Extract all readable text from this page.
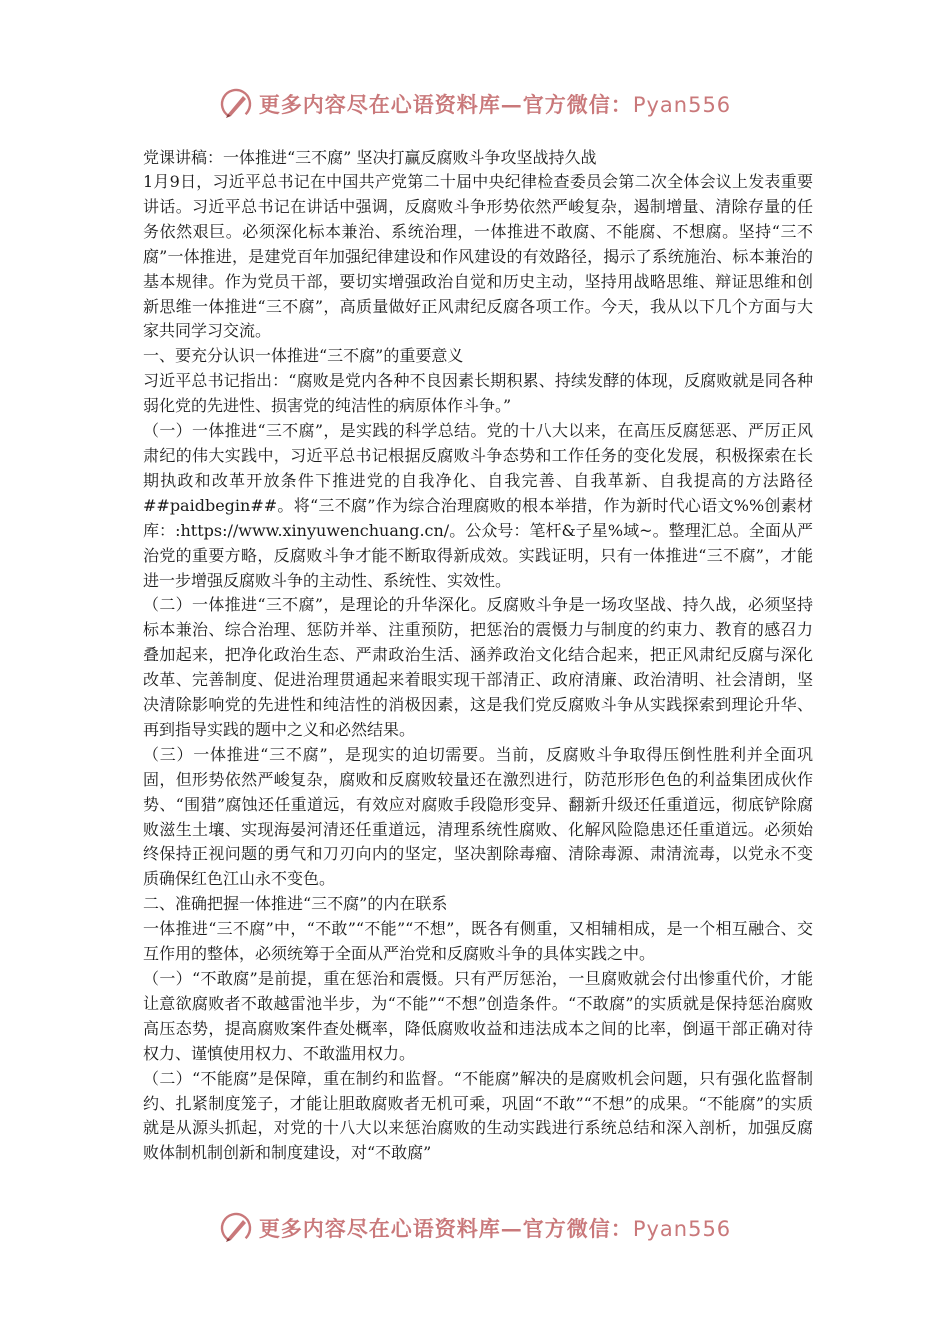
更多内容尽在心语资料库—官方微信：Pyan556

党课讲稿：一体推进“三不腐” 坚决打赢反腐败斗争攻坚战持久战

1月9日，习近平总书记在中国共产党第二十届中央纪律检查委员会第二次全体会议上发表重要讲话。习近平总书记在讲话中强调，反腐败斗争形势依然严峻复杂，遏制增量、清除存量的任务依然艰巨。必须深化标本兼治、系统治理，一体推进不敢腐、不能腐、不想腐。坚持“三不腐”一体推进，是建党百年加强纪律建设和作风建设的有效路径，揭示了系统施治、标本兼治的基本规律。作为党员干部，要切实增强政治自觉和历史主动，坚持用战略思维、辩证思维和创新思维一体推进“三不腐”，高质量做好正风肃纪反腐各项工作。今天，我从以下几个方面与大家共同学习交流。

一、要充分认识一体推进“三不腐”的重要意义

习近平总书记指出：“腐败是党内各种不良因素长期积累、持续发酵的体现，反腐败就是同各种弱化党的先进性、损害党的纯洁性的病原体作斗争。”

（一）一体推进“三不腐”，是实践的科学总结。党的十八大以来，在高压反腐惩恶、严厉正风肃纪的伟大实践中，习近平总书记根据反腐败斗争态势和工作任务的变化发展，积极探索在长期执政和改革开放条件下推进党的自我净化、自我完善、自我革新、自我提高的方法路径##paidbegin##。将“三不腐”作为综合治理腐败的根本举措，作为新时代心语文%%创素材库：:https://www.xinyuwenchuang.cn/。公众号：笔杆&子星%域~。整理汇总。全面从严治党的重要方略，反腐败斗争才能不断取得新成效。实践证明，只有一体推进“三不腐”，才能进一步增强反腐败斗争的主动性、系统性、实效性。

（二）一体推进“三不腐”，是理论的升华深化。反腐败斗争是一场攻坚战、持久战，必须坚持标本兼治、综合治理、惩防并举、注重预防，把惩治的震慑力与制度的约束力、教育的感召力叠加起来，把净化政治生态、严肃政治生活、涵养政治文化结合起来，把正风肃纪反腐与深化改革、完善制度、促进治理贯通起来着眼实现干部清正、政府清廉、政治清明、社会清朗，坚决清除影响党的先进性和纯洁性的消极因素，这是我们党反腐败斗争从实践探索到理论升华、再到指导实践的题中之义和必然结果。

（三）一体推进“三不腐”，是现实的迫切需要。当前，反腐败斗争取得压倒性胜利并全面巩固，但形势依然严峻复杂，腐败和反腐败较量还在激烈进行，防范形形色色的利益集团成伙作势、“围猎”腐蚀还任重道远，有效应对腐败手段隐形变异、翻新升级还任重道远，彻底铲除腐败滋生土壤、实现海晏河清还任重道远，清理系统性腐败、化解风险隐患还任重道远。必须始终保持正视问题的勇气和刀刃向内的坚定，坚决割除毒瘤、清除毒源、肃清流毒，以党永不变质确保红色江山永不变色。

二、准确把握一体推进“三不腐”的内在联系

一体推进“三不腐”中，“不敢”“不能”“不想”，既各有侧重，又相辅相成，是一个相互融合、交互作用的整体，必须统筹于全面从严治党和反腐败斗争的具体实践之中。

（一）“不敢腐”是前提，重在惩治和震慑。只有严厉惩治，一旦腐败就会付出惨重代价，才能让意欲腐败者不敢越雷池半步，为“不能”“不想”创造条件。“不敢腐”的实质就是保持惩治腐败高压态势，提高腐败案件查处概率，降低腐败收益和违法成本之间的比率，倒逼干部正确对待权力、谨慎使用权力、不敢滥用权力。

（二）“不能腐”是保障，重在制约和监督。“不能腐”解决的是腐败机会问题，只有强化监督制约、扎紧制度笼子，才能让胆敢腐败者无机可乘，巩固“不敢”“不想”的成果。“不能腐”的实质就是从源头抓起，对党的十八大以来惩治腐败的生动实践进行系统总结和深入剖析，加强反腐败体制机制创新和制度建设，对“不敢腐”

更多内容尽在心语资料库—官方微信：Pyan556
